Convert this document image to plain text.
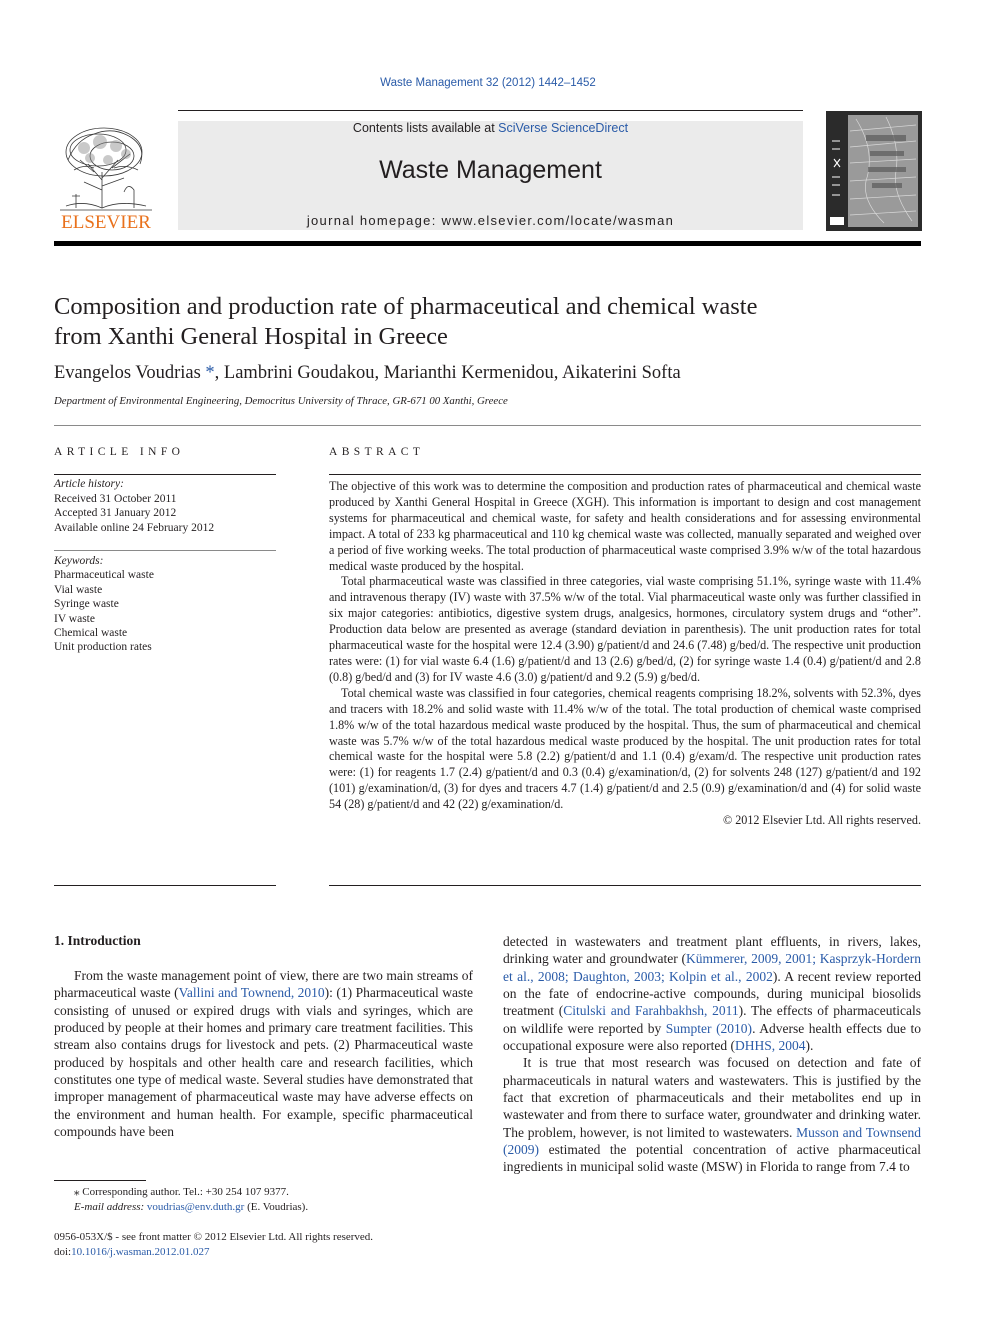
Waste Management 32 (2012) 1442–1452
ELSEVIER
Contents lists available at SciVerse ScienceDirect
Waste Management
journal homepage: www.elsevier.com/locate/wasman
Composition and production rate of pharmaceutical and chemical waste
from Xanthi General Hospital in Greece
Evangelos Voudrias *, Lambrini Goudakou, Marianthi Kermenidou, Aikaterini Softa
Department of Environmental Engineering, Democritus University of Thrace, GR-671 00 Xanthi, Greece
ARTICLE INFO
Article history:
Received 31 October 2011
Accepted 31 January 2012
Available online 24 February 2012
Keywords:
Pharmaceutical waste
Vial waste
Syringe waste
IV waste
Chemical waste
Unit production rates
ABSTRACT

The objective of this work was to determine the composition and production rates of pharmaceutical and chemical waste produced by Xanthi General Hospital in Greece (XGH). This information is important to design and cost management systems for pharmaceutical and chemical waste, for safety and health considerations and for assessing environmental impact. A total of 233 kg pharmaceutical and 110 kg chemical waste was collected, manually separated and weighed over a period of five working weeks. The total production of pharmaceutical waste comprised 3.9% w/w of the total hazardous medical waste produced by the hospital.

Total pharmaceutical waste was classified in three categories, vial waste comprising 51.1%, syringe waste with 11.4% and intravenous therapy (IV) waste with 37.5% w/w of the total. Vial pharmaceutical waste only was further classified in six major categories: antibiotics, digestive system drugs, analgesics, hormones, circulatory system drugs and “other”. Production data below are presented as average (standard deviation in parenthesis). The unit production rates for total pharmaceutical waste for the hospital were 12.4 (3.90) g/patient/d and 24.6 (7.48) g/bed/d. The respective unit production rates were: (1) for vial waste 6.4 (1.6) g/patient/d and 13 (2.6) g/bed/d, (2) for syringe waste 1.4 (0.4) g/patient/d and 2.8 (0.8) g/bed/d and (3) for IV waste 4.6 (3.0) g/patient/d and 9.2 (5.9) g/bed/d.

Total chemical waste was classified in four categories, chemical reagents comprising 18.2%, solvents with 52.3%, dyes and tracers with 18.2% and solid waste with 11.4% w/w of the total. The total production of chemical waste comprised 1.8% w/w of the total hazardous medical waste produced by the hospital. Thus, the sum of pharmaceutical and chemical waste was 5.7% w/w of the total hazardous medical waste produced by the hospital. The unit production rates for total chemical waste for the hospital were 5.8 (2.2) g/patient/d and 1.1 (0.4) g/exam/d. The respective unit production rates were: (1) for reagents 1.7 (2.4) g/patient/d and 0.3 (0.4) g/examination/d, (2) for solvents 248 (127) g/patient/d and 192 (101) g/examination/d, (3) for dyes and tracers 4.7 (1.4) g/patient/d and 2.5 (0.9) g/examination/d and (4) for solid waste 54 (28) g/patient/d and 42 (22) g/examination/d.

© 2012 Elsevier Ltd. All rights reserved.

1. Introduction

From the waste management point of view, there are two main streams of pharmaceutical waste (Vallini and Townend, 2010): (1) Pharmaceutical waste consisting of unused or expired drugs with vials and syringes, which are produced by people at their homes and primary care treatment facilities. This stream also contains drugs for livestock and pets. (2) Pharmaceutical waste produced by hospitals and other health care and research facilities, which constitutes one type of medical waste. Several studies have demonstrated that improper management of pharmaceutical waste may have adverse effects on the environment and human health. For example, specific pharmaceutical compounds have been

detected in wastewaters and treatment plant effluents, in rivers, lakes, drinking water and groundwater (Kümmerer, 2009, 2001; Kasprzyk-Hordern et al., 2008; Daughton, 2003; Kolpin et al., 2002). A recent review reported on the fate of endocrine-active compounds, during municipal biosolids treatment (Citulski and Farahbakhsh, 2011). The effects of pharmaceuticals on wildlife were reported by Sumpter (2010). Adverse health effects due to occupational exposure were also reported (DHHS, 2004).

It is true that most research was focused on detection and fate of pharmaceuticals in natural waters and wastewaters. This is justified by the fact that excretion of pharmaceuticals and their metabolites end up in wastewater and from there to surface water, groundwater and drinking water. The problem, however, is not limited to wastewaters. Musson and Townsend (2009) estimated the potential concentration of active pharmaceutical ingredients in municipal solid waste (MSW) in Florida to range from 7.4 to

⁎ Corresponding author. Tel.: +30 254 107 9377.
E-mail address: voudrias@env.duth.gr (E. Voudrias).
0956-053X/$ - see front matter © 2012 Elsevier Ltd. All rights reserved.
doi:10.1016/j.wasman.2012.01.027
